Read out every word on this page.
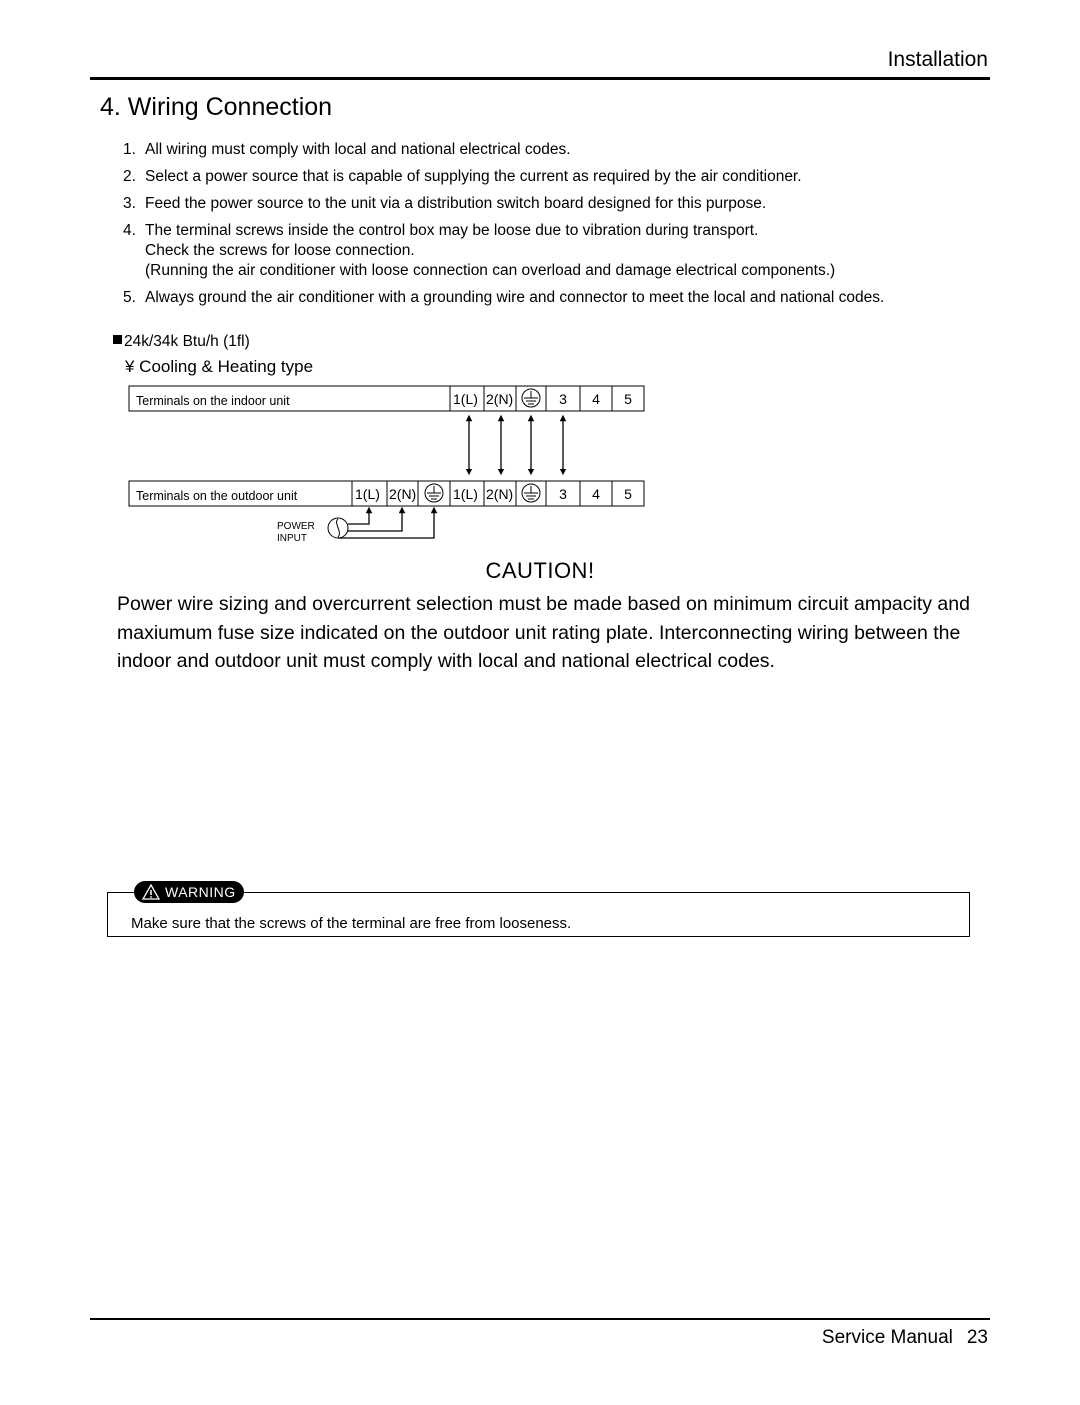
Installation
4. Wiring Connection
1. All wiring must comply with local and national electrical codes.
2. Select a power source that is capable of supplying the current as required by the air conditioner.
3. Feed the power source to the unit via a distribution switch board designed for this purpose.
4. The terminal screws inside the control box may be loose due to vibration during transport.
Check the screws for loose connection.
(Running the air conditioner with loose connection can overload and damage electrical components.)
5. Always ground the air conditioner with a grounding wire and connector to meet the local and national codes.
24k/34k Btu/h (1fl)
¥ Cooling & Heating type
Terminals on the indoor unit	1(L) 2(N)	3 4 5
Terminals on the outdoor unit	1(L) 2(N)	1(L) 2(N)	3 4 5
POWER
INPUT
CAUTION!
Power wire sizing and overcurrent selection must be made based on minimum circuit ampacity and maxiumum fuse size indicated on the outdoor unit rating plate. Interconnecting wiring between the indoor and outdoor unit must comply with local and national electrical codes.
WARNING
Make sure that the screws of the terminal are free from looseness.
Service Manual 23
